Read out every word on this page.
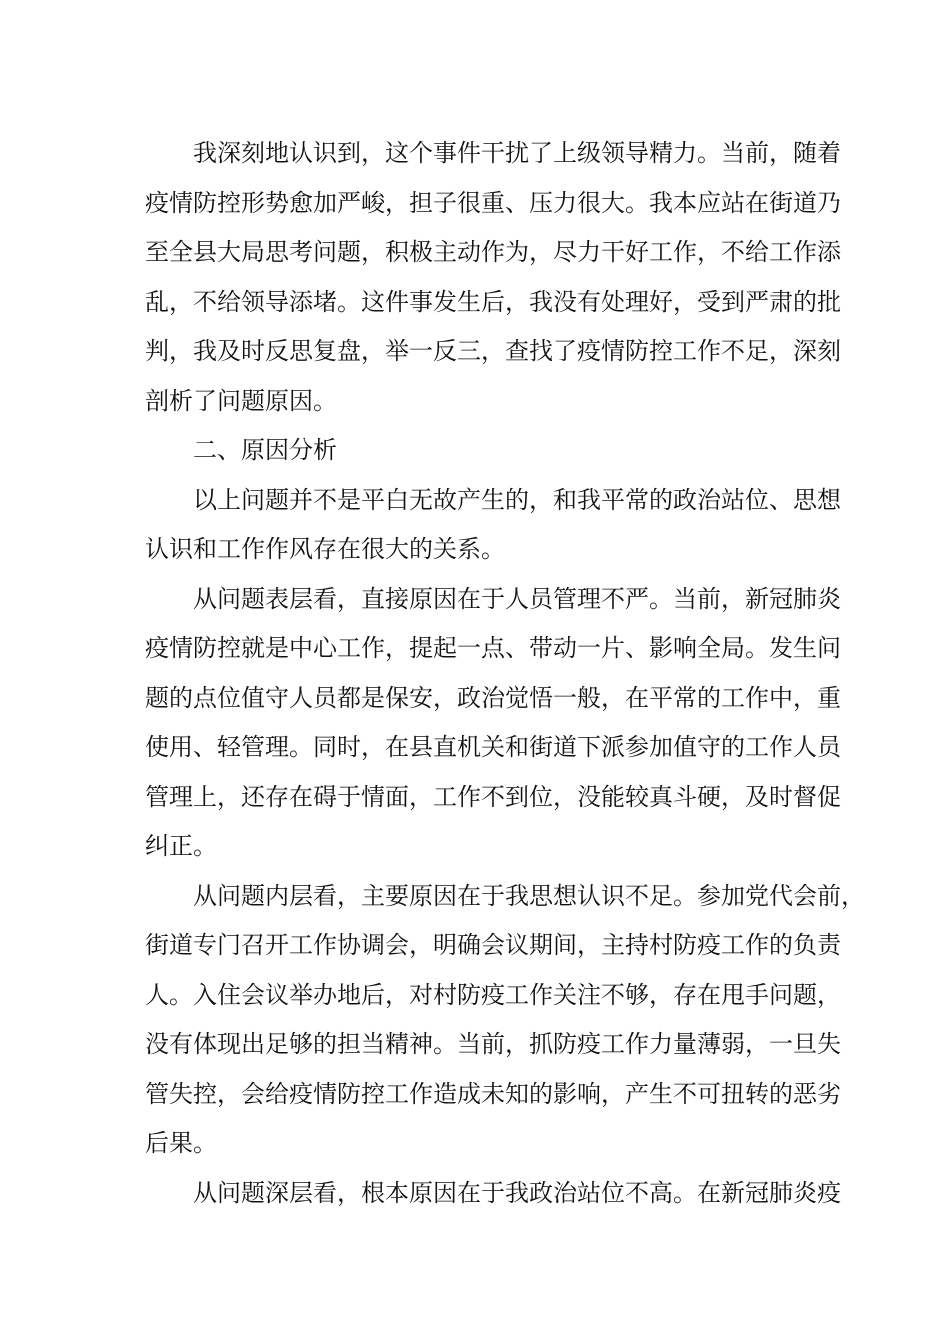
我深刻地认识到，这个事件干扰了上级领导精力。当前，随着
疫情防控形势愈加严峻，担子很重、压力很大。我本应站在街道乃
至全县大局思考问题，积极主动作为，尽力干好工作，不给工作添
乱，不给领导添堵。这件事发生后，我没有处理好，受到严肃的批
判，我及时反思复盘，举一反三，查找了疫情防控工作不足，深刻
剖析了问题原因。

二、原因分析

以上问题并不是平白无故产生的，和我平常的政治站位、思想
认识和工作作风存在很大的关系。

从问题表层看，直接原因在于人员管理不严。当前，新冠肺炎
疫情防控就是中心工作，提起一点、带动一片、影响全局。发生问
题的点位值守人员都是保安，政治觉悟一般，在平常的工作中，重
使用、轻管理。同时，在县直机关和街道下派参加值守的工作人员
管理上，还存在碍于情面，工作不到位，没能较真斗硬，及时督促
纠正。

从问题内层看，主要原因在于我思想认识不足。参加党代会前，
街道专门召开工作协调会，明确会议期间，主持村防疫工作的负责
人。入住会议举办地后，对村防疫工作关注不够，存在甩手问题，
没有体现出足够的担当精神。当前，抓防疫工作力量薄弱，一旦失
管失控，会给疫情防控工作造成未知的影响，产生不可扭转的恶劣
后果。

从问题深层看，根本原因在于我政治站位不高。在新冠肺炎疫
